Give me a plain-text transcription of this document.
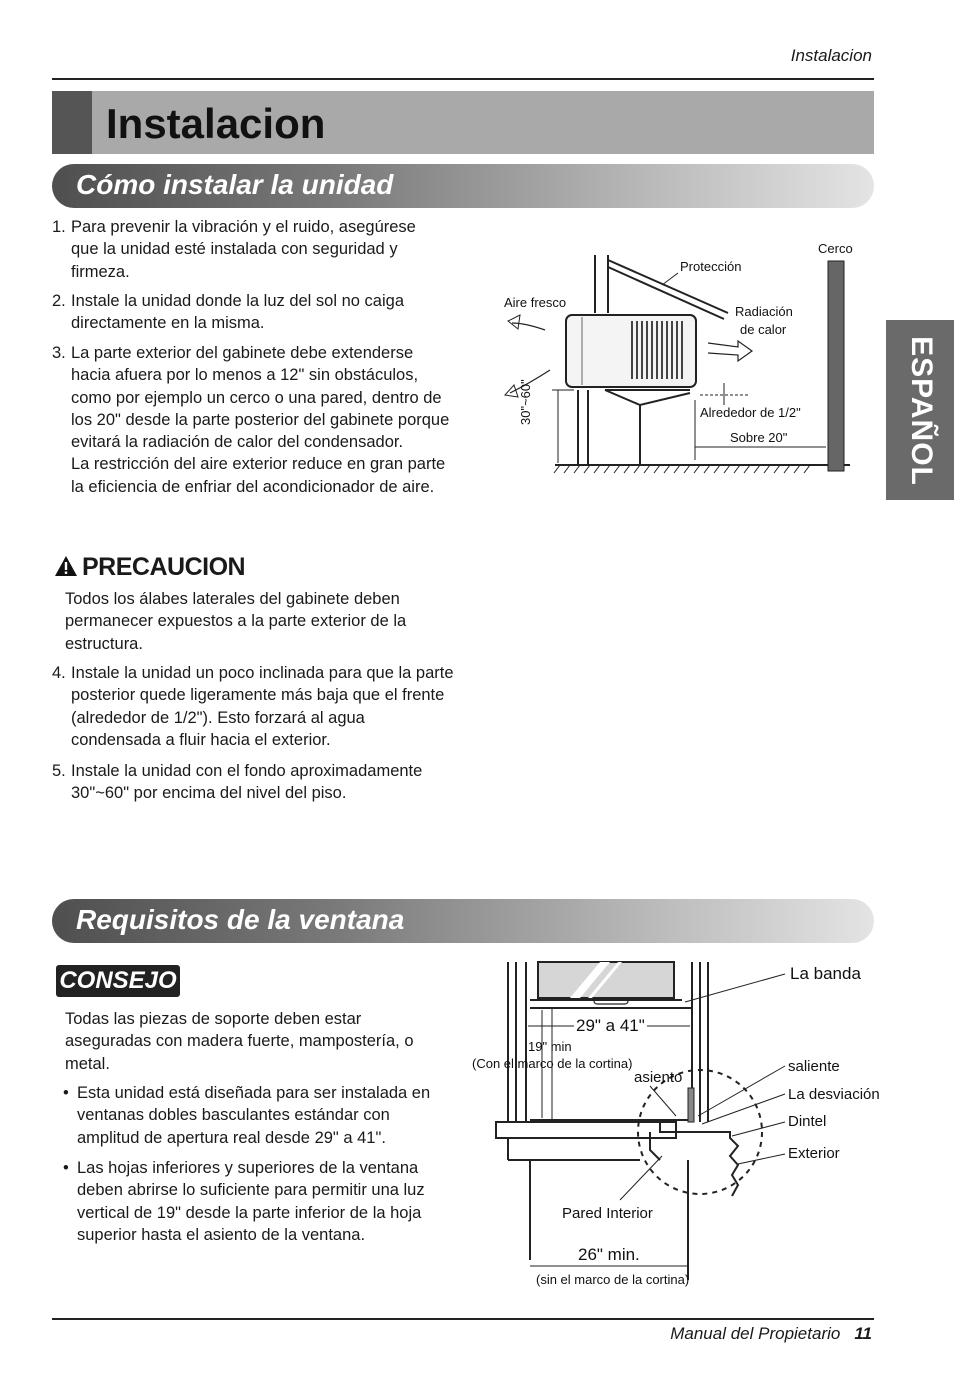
Instalacion
Instalacion
Cómo instalar la unidad
ESPAÑOL
1. Para prevenir la vibración y el ruido, asegúrese que la unidad esté instalada con seguridad y firmeza.
2. Instale la unidad donde la luz del sol no caiga directamente en la misma.
3. La parte exterior del gabinete debe extenderse hacia afuera por lo menos a 12" sin obstáculos, como por ejemplo un cerco o una pared, dentro de los 20" desde la parte posterior del gabinete porque evitará la radiación de calor del condensador.
La restricción del aire exterior reduce en gran parte la eficiencia de enfriar del acondicionador de aire.
PRECAUCION
Todos los álabes laterales del gabinete deben permanecer expuestos a la parte exterior de la estructura.
4. Instale la unidad un poco inclinada para que la parte posterior quede ligeramente más baja que el frente (alrededor de 1/2"). Esto forzará al agua condensada a fluir hacia el exterior.
5. Instale la unidad con el fondo aproximadamente 30"~60" por encima del nivel del piso.
Cerco
Protección
Aire fresco
Radiación
de calor
Alrededor de 1/2"
Sobre 20"
30"~60"
Requisitos de la ventana
CONSEJO
Todas las piezas de soporte deben estar aseguradas con madera fuerte, mampostería, o metal.
• Esta unidad está diseñada para ser instalada en ventanas dobles basculantes estándar con amplitud de apertura real desde 29" a 41".
• Las hojas inferiores y superiores de la ventana deben abrirse lo suficiente para permitir una luz vertical de 19" desde la parte inferior de la hoja superior hasta el asiento de la ventana.
La banda
29" a 41"
19" min
(Con el marco de la cortina)
asiento
saliente
La desviación
Dintel
Exterior
Pared Interior
26" min.
(sin el marco de la cortina)
Manual del Propietario 11
